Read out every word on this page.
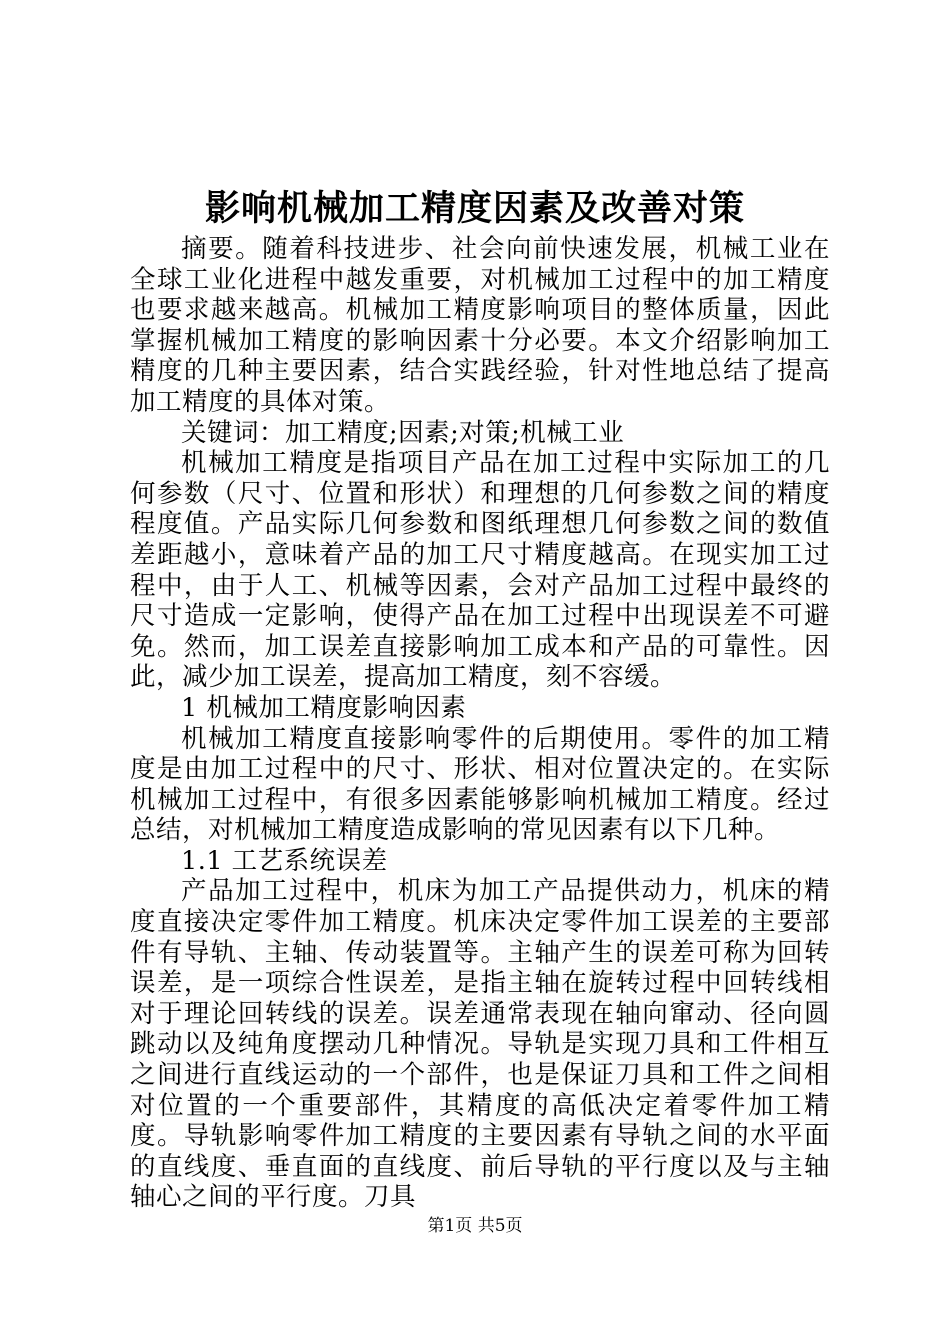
影响机械加工精度因素及改善对策

摘要。随着科技进步、社会向前快速发展，机械工业在全球工业化进程中越发重要，对机械加工过程中的加工精度也要求越来越高。机械加工精度影响项目的整体质量，因此掌握机械加工精度的影响因素十分必要。本文介绍影响加工精度的几种主要因素，结合实践经验，针对性地总结了提高加工精度的具体对策。

关键词：加工精度;因素;对策;机械工业

机械加工精度是指项目产品在加工过程中实际加工的几何参数（尺寸、位置和形状）和理想的几何参数之间的精度程度值。产品实际几何参数和图纸理想几何参数之间的数值差距越小，意味着产品的加工尺寸精度越高。在现实加工过程中，由于人工、机械等因素，会对产品加工过程中最终的尺寸造成一定影响，使得产品在加工过程中出现误差不可避免。然而，加工误差直接影响加工成本和产品的可靠性。因此，减少加工误差，提高加工精度，刻不容缓。

1 机械加工精度影响因素

机械加工精度直接影响零件的后期使用。零件的加工精度是由加工过程中的尺寸、形状、相对位置决定的。在实际机械加工过程中，有很多因素能够影响机械加工精度。经过总结，对机械加工精度造成影响的常见因素有以下几种。

1.1 工艺系统误差

产品加工过程中，机床为加工产品提供动力，机床的精度直接决定零件加工精度。机床决定零件加工误差的主要部件有导轨、主轴、传动装置等。主轴产生的误差可称为回转误差，是一项综合性误差，是指主轴在旋转过程中回转线相对于理论回转线的误差。误差通常表现在轴向窜动、径向圆跳动以及纯角度摆动几种情况。导轨是实现刀具和工件相互之间进行直线运动的一个部件，也是保证刀具和工件之间相对位置的一个重要部件，其精度的高低决定着零件加工精度。导轨影响零件加工精度的主要因素有导轨之间的水平面的直线度、垂直面的直线度、前后导轨的平行度以及与主轴轴心之间的平行度。刀具

第1页 共5页
